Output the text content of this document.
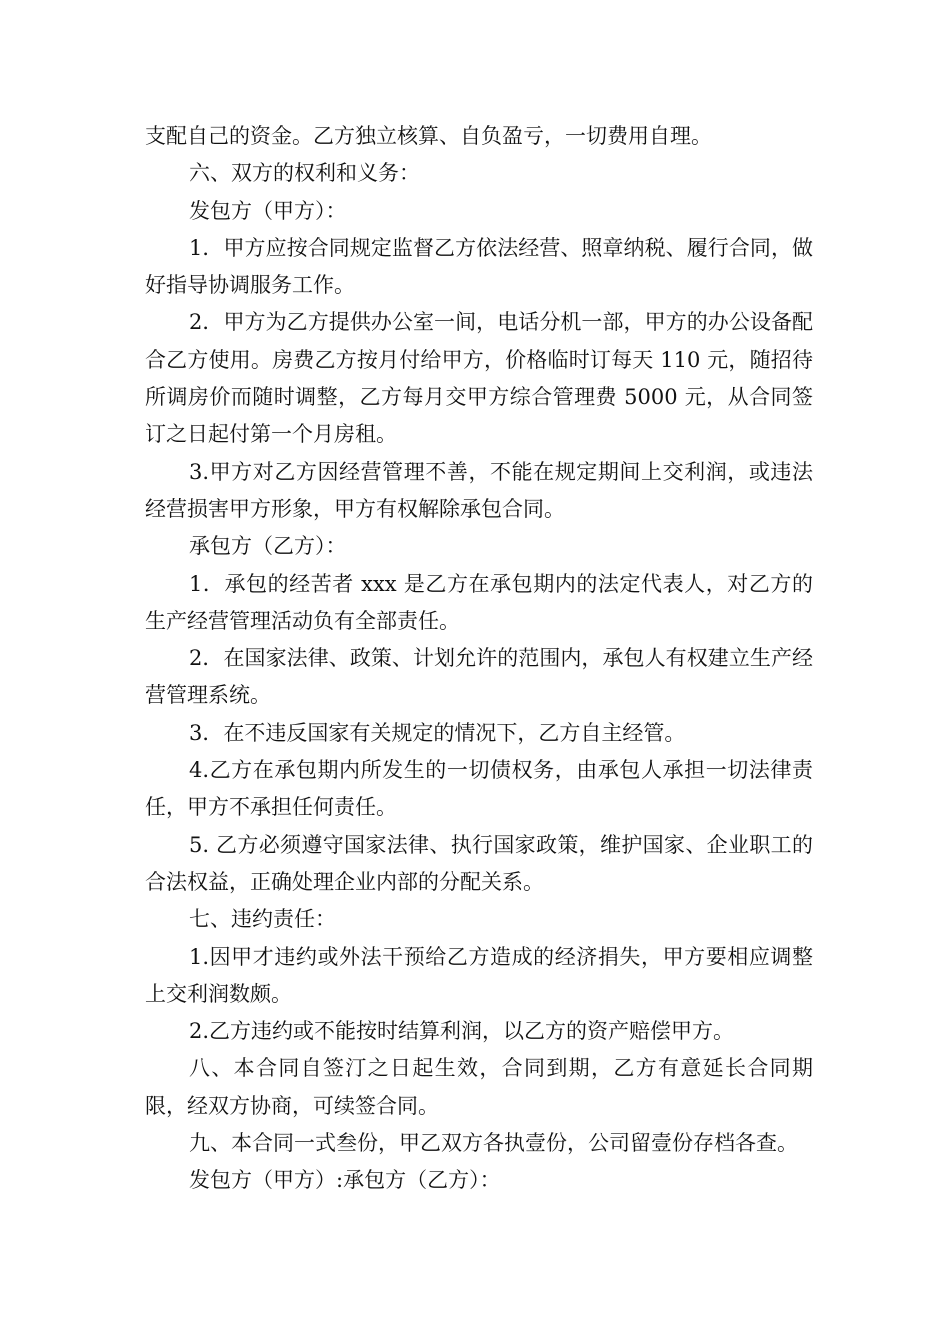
支配自己的资金。乙方独立核算、自负盈亏，一切费用自理。

六、双方的权利和义务：

发包方（甲方）：

1．甲方应按合同规定监督乙方依法经营、照章纳税、履行合同，做好指导协调服务工作。

2．甲方为乙方提供办公室一间，电话分机一部，甲方的办公设备配合乙方使用。房费乙方按月付给甲方，价格临时订每天 110 元，随招待所调房价而随时调整，乙方每月交甲方综合管理费 5000 元，从合同签订之日起付第一个月房租。

3.甲方对乙方因经营管理不善，不能在规定期间上交利润，或违法经营损害甲方形象，甲方有权解除承包合同。

承包方（乙方）：

1．承包的经苦者 xxx 是乙方在承包期内的法定代表人，对乙方的生产经营管理活动负有全部责任。

2．在国家法律、政策、计划允许的范围内，承包人有权建立生产经营管理系统。

3．在不违反国家有关规定的情况下，乙方自主经管。

4.乙方在承包期内所发生的一切债权务，由承包人承担一切法律责任，甲方不承担任何责任。

5. 乙方必须遵守国家法律、执行国家政策，维护国家、企业职工的合法权益，正确处理企业内部的分配关系。

七、违约责任：

1.因甲才违约或外法干预给乙方造成的经济捐失，甲方要相应调整上交利润数颇。

2.乙方违约或不能按时结算利润，以乙方的资产赔偿甲方。

八、本合同自签汀之日起生效，合同到期，乙方有意延长合同期限，经双方协商，可续签合同。

九、本合同一式叁份，甲乙双方各执壹份，公司留壹份存档各查。

发包方（甲方）:承包方（乙方）：
